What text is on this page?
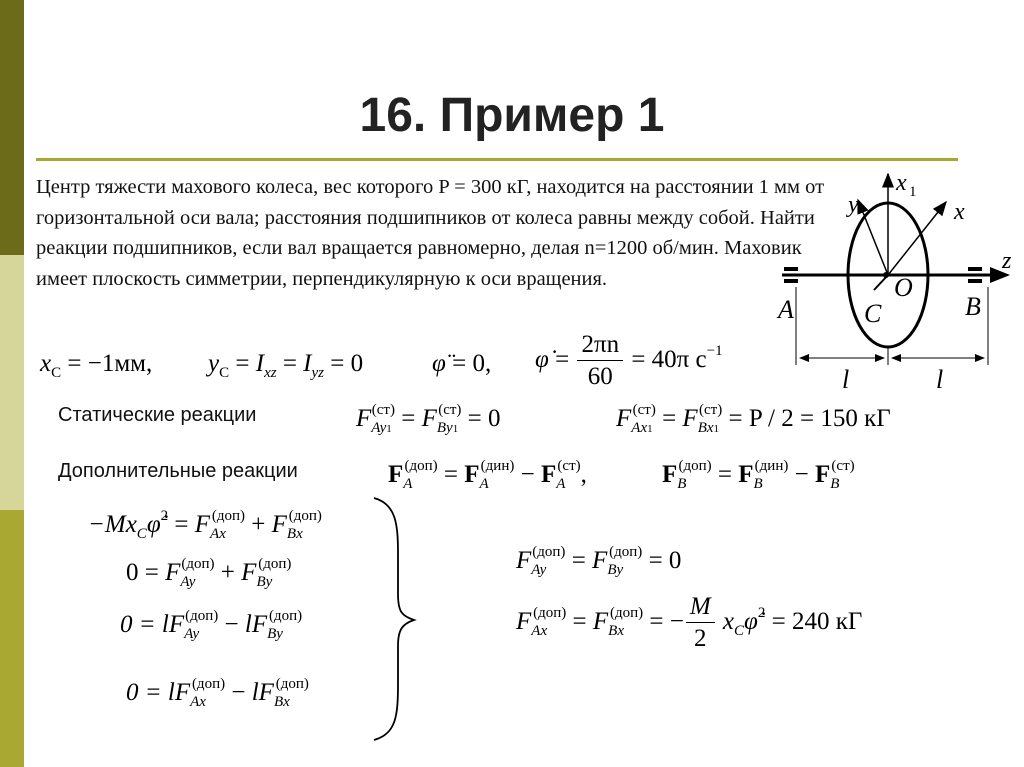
16. Пример 1
Центр тяжести махового колеса, вес которого P = 300 кГ, находится на расстоянии 1 мм от горизонтальной оси вала; расстояния подшипников от колеса равны между собой. Найти реакции подшипников, если вал вращается равномерно, делая n=1200 об/мин. Маховик имеет плоскость симметрии, перпендикулярную к оси вращения.
x 1
y	x
z
O
C
A	B
l	l
$x_C = -1мм$, $y_C = I_{xz} = I_{yz} = 0$	φ̈ = 0, φ̇ = $\frac{2\pi n}{60} = 40\pi$ $с^{-1}$
Статические реакции	$F_{Ay1}^{(ст)} = F_{By1}^{(ст)} = 0$	$F_{Ax1}^{(ст)} = F_{Bx1}^{(ст)} = P / 2 = 150$ кГ
Дополнительные реакции	$F_A^{(доп)} = F_A^{(дин)} - F_A^{(ст)}$,	$F_B^{(доп)} = F_B^{(дин)} - F_B^{(ст)}$
$-Mx_C\varphi̇^2 = F_{Ax}^{(доп)} + F_{Bx}^{(доп)}$
$0 = F_{Ay}^{(доп)} + F_{By}^{(доп)}$
$0 = lF_{Ay}^{(доп)} - lF_{By}^{(доп)}$
$0 = lF_{Ax}^{(доп)} - lF_{Bx}^{(доп)}$
$F_{Ay}^{(доп)} = F_{By}^{(доп)} = 0$
$F_{Ax}^{(доп)} = F_{Bx}^{(доп)}$ = − $\frac{M}{2}$ $x_C\varphi̇^2 = 240$ кГ
